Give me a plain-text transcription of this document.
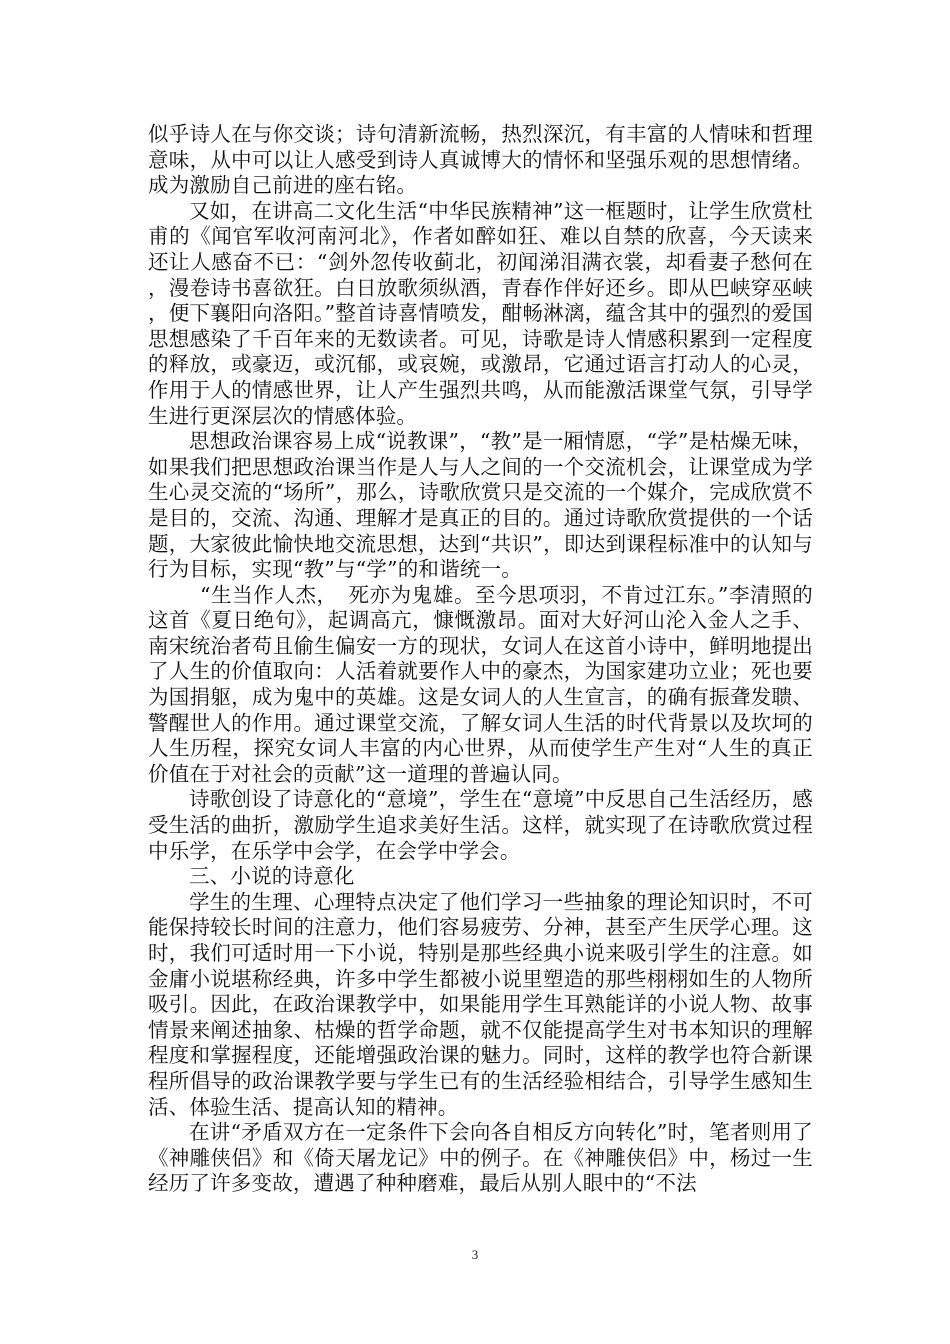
似乎诗人在与你交谈；诗句清新流畅，热烈深沉，有丰富的人情味和哲理意味，从中可以让人感受到诗人真诚博大的情怀和坚强乐观的思想情绪。成为激励自己前进的座右铭。

又如，在讲高二文化生活“中华民族精神”这一框题时，让学生欣赏杜甫的《闻官军收河南河北》，作者如醉如狂、难以自禁的欣喜，今天读来还让人感奋不已：“剑外忽传收蓟北，初闻涕泪满衣裳，却看妻子愁何在，漫卷诗书喜欲狂。白日放歌须纵酒，青春作伴好还乡。即从巴峡穿巫峡，便下襄阳向洛阳。”整首诗喜情喷发，酣畅淋漓，蕴含其中的强烈的爱国思想感染了千百年来的无数读者。可见，诗歌是诗人情感积累到一定程度的释放，或豪迈，或沉郁，或哀婉，或激昂，它通过语言打动人的心灵，作用于人的情感世界，让人产生强烈共鸣，从而能激活课堂气氛，引导学生进行更深层次的情感体验。

思想政治课容易上成“说教课”，“教”是一厢情愿，“学”是枯燥无味，如果我们把思想政治课当作是人与人之间的一个交流机会，让课堂成为学生心灵交流的“场所”，那么，诗歌欣赏只是交流的一个媒介，完成欣赏不是目的，交流、沟通、理解才是真正的目的。通过诗歌欣赏提供的一个话题，大家彼此愉快地交流思想，达到“共识”，即达到课程标准中的认知与行为目标，实现“教”与“学”的和谐统一。

“生当作人杰，　死亦为鬼雄。至今思项羽，不肯过江东。”李清照的这首《夏日绝句》，起调高亢，慷慨激昂。面对大好河山沦入金人之手、南宋统治者苟且偷生偏安一方的现状，女词人在这首小诗中，鲜明地提出了人生的价值取向：人活着就要作人中的豪杰，为国家建功立业；死也要为国捐躯，成为鬼中的英雄。这是女词人的人生宣言，的确有振聋发聩、警醒世人的作用。通过课堂交流，了解女词人生活的时代背景以及坎坷的人生历程，探究女词人丰富的内心世界，从而使学生产生对“人生的真正价值在于对社会的贡献”这一道理的普遍认同。

诗歌创设了诗意化的“意境”，学生在“意境”中反思自己生活经历，感受生活的曲折，激励学生追求美好生活。这样，就实现了在诗歌欣赏过程中乐学，在乐学中会学，在会学中学会。

三、小说的诗意化

学生的生理、心理特点决定了他们学习一些抽象的理论知识时，不可能保持较长时间的注意力，他们容易疲劳、分神，甚至产生厌学心理。这时，我们可适时用一下小说，特别是那些经典小说来吸引学生的注意。如金庸小说堪称经典，许多中学生都被小说里塑造的那些栩栩如生的人物所吸引。因此，在政治课教学中，如果能用学生耳熟能详的小说人物、故事情景来阐述抽象、枯燥的哲学命题，就不仅能提高学生对书本知识的理解程度和掌握程度，还能增强政治课的魅力。同时，这样的教学也符合新课程所倡导的政治课教学要与学生已有的生活经验相结合，引导学生感知生活、体验生活、提高认知的精神。

在讲“矛盾双方在一定条件下会向各自相反方向转化”时，笔者则用了《神雕侠侣》和《倚天屠龙记》中的例子。在《神雕侠侣》中，杨过一生经历了许多变故，遭遇了种种磨难，最后从别人眼中的“不法

3
